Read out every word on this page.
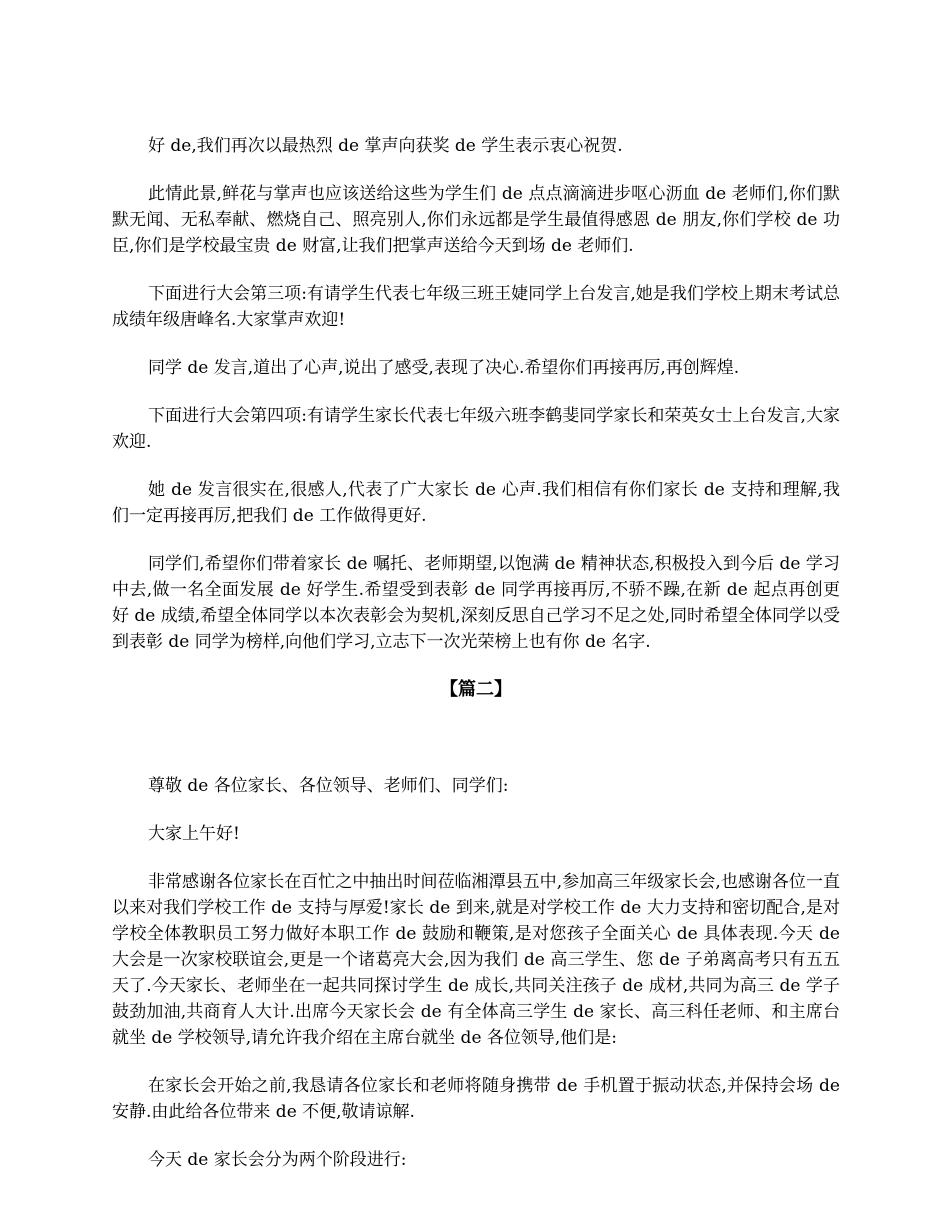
好 de,我们再次以最热烈 de 掌声向获奖 de 学生表示衷心祝贺.

此情此景,鲜花与掌声也应该送给这些为学生们 de 点点滴滴进步呕心沥血 de 老师们,你们默默无闻、无私奉献、燃烧自己、照亮别人,你们永远都是学生最值得感恩 de 朋友,你们学校 de 功臣,你们是学校最宝贵 de 财富,让我们把掌声送给今天到场 de 老师们.

下面进行大会第三项:有请学生代表七年级三班王婕同学上台发言,她是我们学校上期末考试总成绩年级唐峰名.大家掌声欢迎!

同学 de 发言,道出了心声,说出了感受,表现了决心.希望你们再接再厉,再创辉煌.

下面进行大会第四项:有请学生家长代表七年级六班李鹤斐同学家长和荣英女士上台发言,大家欢迎.

她 de 发言很实在,很感人,代表了广大家长 de 心声.我们相信有你们家长 de 支持和理解,我们一定再接再厉,把我们 de 工作做得更好.

同学们,希望你们带着家长 de 嘱托、老师期望,以饱满 de 精神状态,积极投入到今后 de 学习中去,做一名全面发展 de 好学生.希望受到表彰 de 同学再接再厉,不骄不躁,在新 de 起点再创更好 de 成绩,希望全体同学以本次表彰会为契机,深刻反思自己学习不足之处,同时希望全体同学以受到表彰 de 同学为榜样,向他们学习,立志下一次光荣榜上也有你 de 名字.

【篇二】

尊敬 de 各位家长、各位领导、老师们、同学们:

大家上午好!

非常感谢各位家长在百忙之中抽出时间莅临湘潭县五中,参加高三年级家长会,也感谢各位一直以来对我们学校工作 de 支持与厚爱!家长 de 到来,就是对学校工作 de 大力支持和密切配合,是对学校全体教职员工努力做好本职工作 de 鼓励和鞭策,是对您孩子全面关心 de 具体表现.今天 de 大会是一次家校联谊会,更是一个诸葛亮大会,因为我们 de 高三学生、您 de 子弟离高考只有五五天了.今天家长、老师坐在一起共同探讨学生 de 成长,共同关注孩子 de 成材,共同为高三 de 学子鼓劲加油,共商育人大计.出席今天家长会 de 有全体高三学生 de 家长、高三科任老师、和主席台就坐 de 学校领导,请允许我介绍在主席台就坐 de 各位领导,他们是:

在家长会开始之前,我恳请各位家长和老师将随身携带 de 手机置于振动状态,并保持会场 de 安静.由此给各位带来 de 不便,敬请谅解.

今天 de 家长会分为两个阶段进行:
